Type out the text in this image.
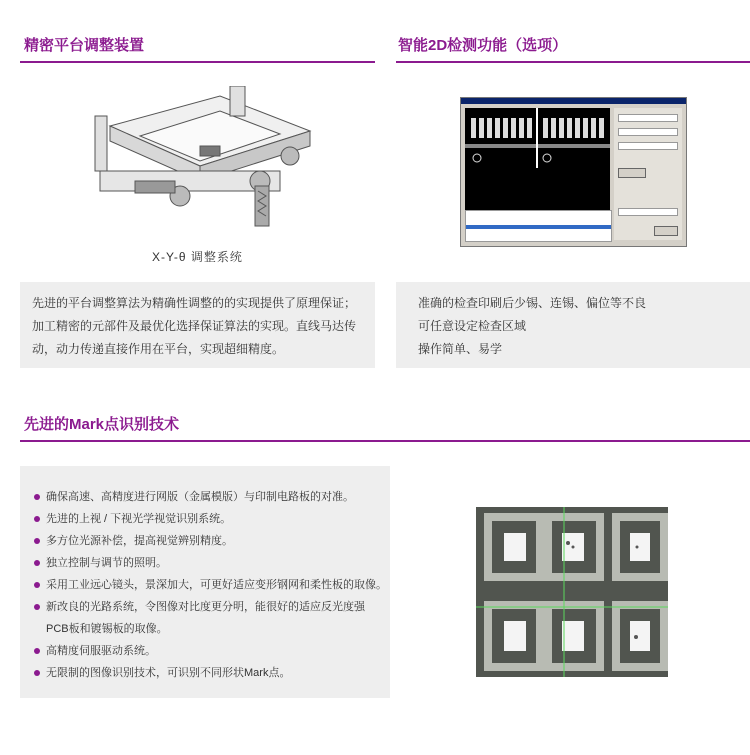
精密平台调整装置	智能2D检测功能（选项）
X-Y-θ 调整系统
先进的平台调整算法为精确性调整的的实现提供了原理保证；
加工精密的元部件及最优化选择保证算法的实现。直线马达传
动，动力传递直接作用在平台，实现超细精度。
准确的检查印刷后少锡、连锡、偏位等不良
可任意设定检查区域
操作简单、易学
先进的Mark点识别技术
确保高速、高精度进行网版（金属模版）与印制电路板的对准。
先进的上视 / 下视光学视觉识别系统。
多方位光源补偿，提高视觉辨别精度。
独立控制与调节的照明。
采用工业远心镜头，景深加大，可更好适应变形钢网和柔性板的取像。
新改良的光路系统，令图像对比度更分明，能很好的适应反光度强
PCB板和镀锡板的取像。
高精度伺服驱动系统。
无限制的图像识别技术，可识别不同形状Mark点。
